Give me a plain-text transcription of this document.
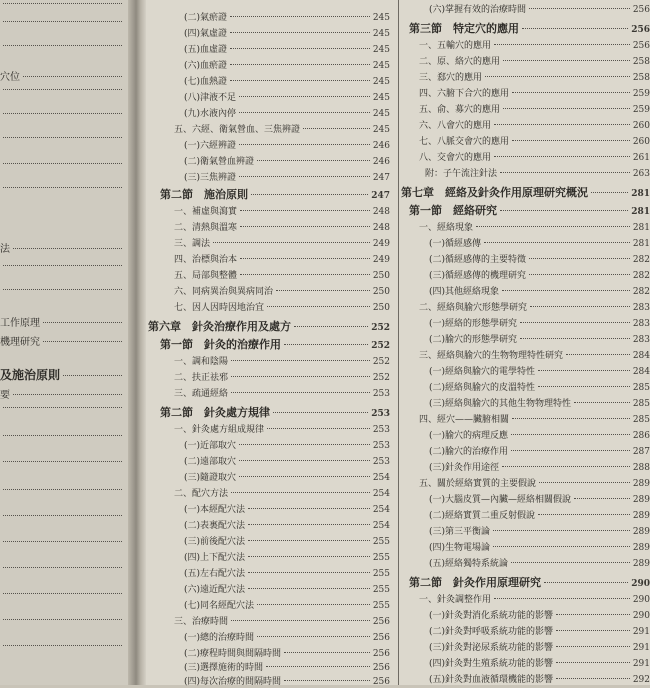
穴位
法
工作原理
機理研究
及施治原則
要
(二)氣瘀證	245
(四)氣虛證	245
(五)血虛證	245
(六)血瘀證	245
(七)血熱證	245
(八)津液不足	245
(九)水液內停	245
五、六經、衛氣營血、三焦辨證	245
(一)六經辨證	246
(二)衛氣營血辨證	246
(三)三焦辨證	247
第二節　施治原則	247
一、補虛與瀉實	248
二、清熱與溫寒	248
三、調法	249
四、治標與治本	249
五、局部與整體	250
六、同病異治與異病同治	250
七、因人因時因地治宜	250
第六章　針灸治療作用及處方	252
第一節　針灸的治療作用	252
一、調和陰陽	252
二、扶正祛邪	252
三、疏通經絡	253
第二節　針灸處方規律	253
一、針灸處方組成規律	253
(一)近部取穴	253
(二)遠部取穴	253
(三)隨證取穴	254
二、配穴方法	254
(一)本經配穴法	254
(二)表裏配穴法	254
(三)前後配穴法	255
(四)上下配穴法	255
(五)左右配穴法	255
(六)遠近配穴法	255
(七)同名經配穴法	255
三、治療時間	256
(一)總的治療時間	256
(二)療程時間與間隔時間	256
(三)選擇施術的時間	256
(四)每次治療的間隔時間	256
(六)掌握有效的治療時間	256
第三節　特定穴的應用	256
一、五輸穴的應用	256
二、原、絡穴的應用	258
三、郄穴的應用	258
四、六腑下合穴的應用	259
五、俞、募穴的應用	259
六、八會穴的應用	260
七、八脈交會穴的應用	260
八、交會穴的應用	261
附：子午流注針法	263
第七章　經絡及針灸作用原理研究概況	281
第一節　經絡研究	281
一、經絡現象	281
(一)循經感傳	281
(二)循經感傳的主要特徵	282
(三)循經感傳的機理研究	282
(四)其他經絡現象	282
二、經絡與腧穴形態學研究	283
(一)經絡的形態學研究	283
(二)腧穴的形態學研究	283
三、經絡與腧穴的生物物理特性研究	284
(一)經絡與腧穴的電學特性	284
(二)經絡與腧穴的皮溫特性	285
(三)經絡與腧穴的其他生物物理特性	285
四、經穴——臟腑相關	285
(一)腧穴的病理反應	286
(二)腧穴的治療作用	287
(三)針灸作用途徑	288
五、關於經絡實質的主要假說	289
(一)大腦皮質—內臟—經絡相關假說	289
(二)經絡實質二重反射假說	289
(三)第三平衡論	289
(四)生物電場論	289
(五)經絡獨特系統論	289
第二節　針灸作用原理研究	290
一、針灸調整作用	290
(一)針灸對消化系統功能的影響	290
(二)針灸對呼吸系統功能的影響	291
(三)針灸對泌尿系統功能的影響	291
(四)針灸對生殖系統功能的影響	291
(五)針灸對血液循環機能的影響	292
